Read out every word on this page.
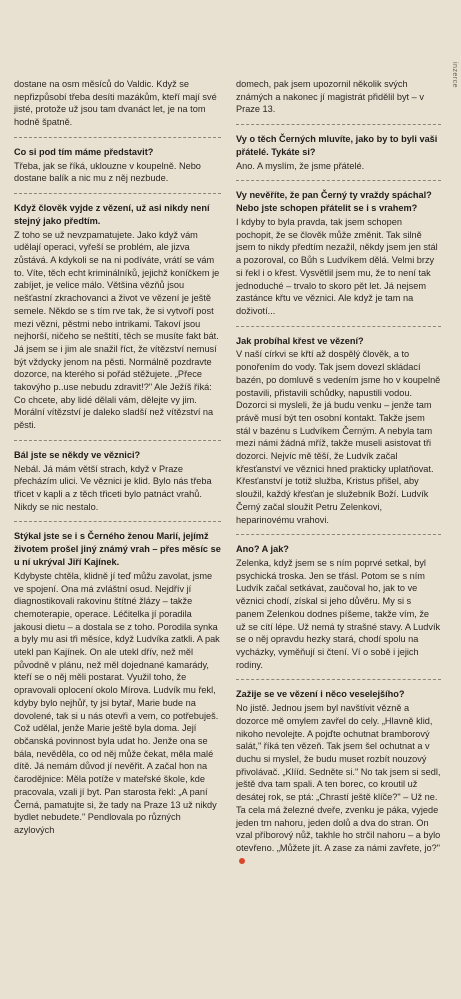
inzerce

dostane na osm měsíců do Valdic. Když se nepřizpůsobí třeba desíti mazákům, kteří mají své jisté, protože už jsou tam dvanáct let, je na tom hodně špatně.

Co si pod tím máme představit?

Třeba, jak se říká, uklouzne v koupelně. Nebo dostane balík a nic mu z něj nezbude.

Když člověk vyjde z vězení, už asi nikdy není stejný jako předtím.

Z toho se už nevzpamatujete. Jako když vám udělají operaci, vyřeší se problém, ale jizva zůstává. A kdykoli se na ni podíváte, vrátí se vám to. Víte, těch echt kriminálníků, jejichž koníčkem je zabíjet, je velice málo. Většina vězňů jsou nešťastní zkrachovanci a život ve vězení je ještě semele. Někdo se s tím rve tak, že si vytvoří post mezi vězni, pěstmi nebo intrikami. Takoví jsou nejhorší, ničeho se neštítí, těch se musíte fakt bát. Já jsem se i jim ale snažil říct, že vítězství nemusí být vždycky jenom na pěsti. Normálně pozdravte dozorce, na kterého si pořád stěžujete. „Přece takovýho p..use nebudu zdravit!?" Ale Ježíš říká: Co chcete, aby lidé dělali vám, dělejte vy jim. Morální vítězství je daleko sladší než vítězství na pěsti.

Bál jste se někdy ve věznici?

Nebál. Já mám větší strach, když v Praze přecházím ulici. Ve věznici je klid. Bylo nás třeba třicet v kapli a z těch třiceti bylo patnáct vrahů. Nikdy se nic nestalo.

Stýkal jste se i s Černého ženou Marií, jejímž životem prošel jiný známý vrah – přes měsíc se u ní ukrýval Jiří Kajínek.

Kdybyste chtěla, klidně jí teď můžu zavolat, jsme ve spojení. Ona má zvláštní osud. Nejdřív jí diagnostikovali rakovinu štítné žlázy – takže chemoterapie, operace. Léčitelka jí poradila jakousi dietu – a dostala se z toho. Porodila synka a byly mu asi tři měsíce, když Ludvíka zatkli. A pak utekl pan Kajínek. On ale utekl dřív, než měl původně v plánu, než měl dojednané kamarády, kteří se o něj měli postarat. Využil toho, že opravovali oplocení okolo Mírova. Ludvík mu řekl, kdyby bylo nejhůř, ty jsi bytař, Marie bude na dovolené, tak si u nás otevři a vem, co potřebuješ. Což udělal, jenže Marie ještě byla doma. Její občanská povinnost byla udat ho. Jenže ona se bála, nevěděla, co od něj může čekat, měla malé dítě. Já nemám důvod jí nevěřit. A začal hon na čarodějnice: Měla potíže v mateřské škole, kde pracovala, vzali jí byt. Pan starosta řekl: „A paní Černá, pamatujte si, že tady na Praze 13 už nikdy bydlet nebudete." Pendlovala po různých azylových

domech, pak jsem upozornil několik svých známých a nakonec jí magistrát přidělil byt – v Praze 13.

Vy o těch Černých mluvíte, jako by to byli vaši přátelé. Tykáte si?

Ano. A myslím, že jsme přátelé.

Vy nevěříte, že pan Černý ty vraždy spáchal? Nebo jste schopen přátelit se i s vrahem?

I kdyby to byla pravda, tak jsem schopen pochopit, že se člověk může změnit. Tak silně jsem to nikdy předtím nezažil, někdy jsem jen stál a pozoroval, co Bůh s Ludvíkem dělá. Velmi brzy si řekl i o křest. Vysvětlil jsem mu, že to není tak jednoduché – trvalo to skoro pět let. Já nejsem zastánce křtu ve věznici. Ale když je tam na doživotí...

Jak probíhal křest ve vězení?

V naší církvi se křtí až dospělý člověk, a to ponořením do vody. Tak jsem dovezl skládací bazén, po domluvě s vedením jsme ho v koupelně postavili, přistavili schůdky, napustili vodou. Dozorci si mysleli, že já budu venku – jenže tam právě musí být ten osobní kontakt. Takže jsem stál v bazénu s Ludvíkem Černým. A nebyla tam mezi námi žádná mříž, takže museli asistovat tři dozorci. Nejvíc mě těší, že Ludvík začal křesťanství ve věznici hned prakticky uplatňovat. Křesťanství je totiž služba, Kristus přišel, aby sloužil, každý křesťan je služebník Boží. Ludvík Černý začal sloužit Petru Zelenkovi, heparinovému vrahovi.

Ano? A jak?

Zelenka, když jsem se s ním poprvé setkal, byl psychická troska. Jen se třásl. Potom se s ním Ludvík začal setkávat, zaučoval ho, jak to ve věznici chodí, získal si jeho důvěru. My si s panem Zelenkou dodnes píšeme, takže vím, že už se cítí lépe. Už nemá ty strašné stavy. A Ludvík se o něj opravdu hezky stará, chodí spolu na vycházky, vyměňují si čtení. Ví o sobě i jejich rodiny.

Zažije se ve vězení i něco veselejšího?

No jistě. Jednou jsem byl navštívit vězně a dozorce mě omylem zavřel do cely. „Hlavně klid, nikoho nevolejte. A pojďte ochutnat bramborový salát," říká ten vězeň. Tak jsem šel ochutnat a v duchu si myslel, že budu muset rozbít nouzový přivolávač. „Klííd. Sedněte si." No tak jsem si sedl, ještě dva tam spali. A ten borec, co kroutil už desátej rok, se ptá: „Chrastí ještě klíče?" – Už ne. Ta cela má železné dveře, zvenku je páka, vyjede jeden trn nahoru, jeden dolů a dva do stran. On vzal příborový nůž, takhle ho strčil nahoru – a bylo otevřeno. „Můžete jít. A zase za námi zavřete, jo?"
